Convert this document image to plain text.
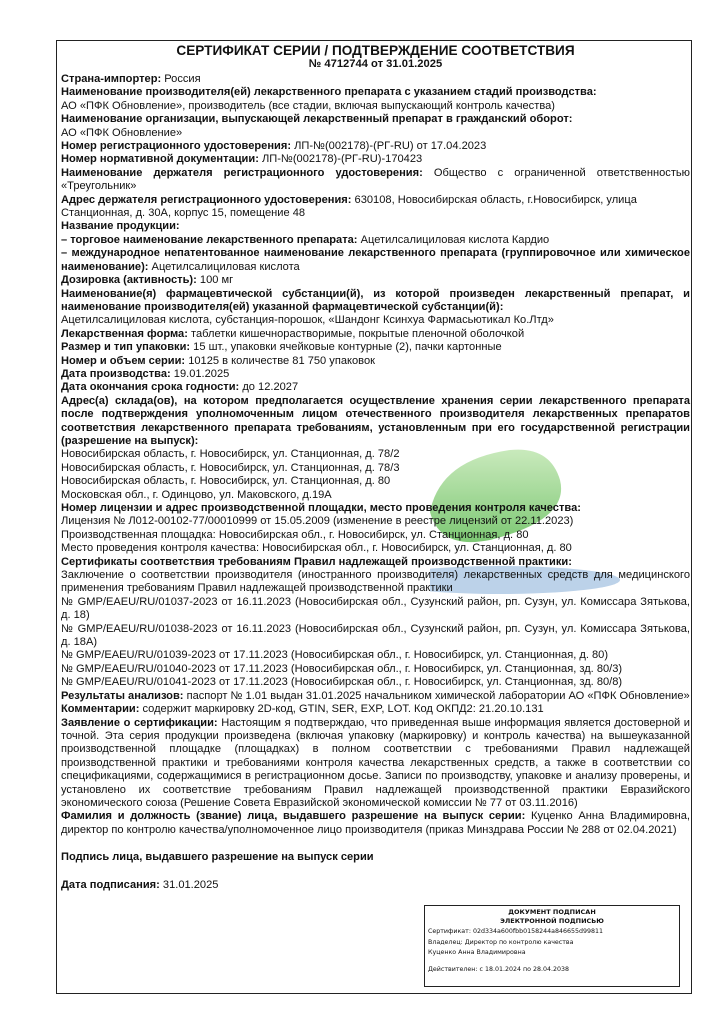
СЕРТИФИКАТ СЕРИИ / ПОДТВЕРЖДЕНИЕ СООТВЕТСТВИЯ

№ 4712744 от 31.01.2025

Страна-импортер: Россия

Наименование производителя(ей) лекарственного препарата с указанием стадий производства:

АО «ПФК Обновление», производитель (все стадии, включая выпускающий контроль качества)

Наименование организации, выпускающей лекарственный препарат в гражданский оборот:

АО «ПФК Обновление»

Номер регистрационного удостоверения: ЛП-№(002178)-(РГ-RU) от 17.04.2023

Номер нормативной документации: ЛП-№(002178)-(РГ-RU)-170423

Наименование держателя регистрационного удостоверения: Общество с ограниченной ответственностью «Треугольник»

Адрес держателя регистрационного удостоверения: 630108, Новосибирская область, г.Новосибирск, улица Станционная, д. 30А, корпус 15, помещение 48

Название продукции:

– торговое наименование лекарственного препарата: Ацетилсалициловая кислота Кардио

– международное непатентованное наименование лекарственного препарата (группировочное или химическое наименование): Ацетилсалициловая кислота

Дозировка (активность): 100 мг

Наименование(я) фармацевтической субстанции(й), из которой произведен лекарственный препарат, и наименование производителя(ей) указанной фармацевтической субстанции(й):

Ацетилсалициловая кислота, субстанция-порошок, «Шандонг Ксинхуа Фармасьютикал Ко.Лтд»

Лекарственная форма: таблетки кишечнорастворимые, покрытые пленочной оболочкой

Размер и тип упаковки: 15 шт., упаковки ячейковые контурные (2), пачки картонные

Номер и объем серии: 10125 в количестве 81 750 упаковок

Дата производства: 19.01.2025

Дата окончания срока годности: до 12.2027

Адрес(а) склада(ов), на котором предполагается осуществление хранения серии лекарственного препарата после подтверждения уполномоченным лицом отечественного производителя лекарственных препаратов соответствия лекарственного препарата требованиям, установленным при его государственной регистрации (разрешение на выпуск):

Новосибирская область, г. Новосибирск, ул. Станционная, д. 78/2

Новосибирская область, г. Новосибирск, ул. Станционная, д. 78/3

Новосибирская область, г. Новосибирск, ул. Станционная, д. 80

Московская обл., г. Одинцово, ул. Маковского, д.19А

Номер лицензии и адрес производственной площадки, место проведения контроля качества:

Лицензия № Л012-00102-77/00010999 от 15.05.2009 (изменение в реестре лицензий от 22.11.2023)

Производственная площадка: Новосибирская обл., г. Новосибирск, ул. Станционная, д. 80

Место проведения контроля качества: Новосибирская обл., г. Новосибирск, ул. Станционная, д. 80

Сертификаты соответствия требованиям Правил надлежащей производственной практики:

Заключение о соответствии производителя (иностранного производителя) лекарственных средств для медицинского применения требованиям Правил надлежащей производственной практики

№ GMP/EAEU/RU/01037-2023 от 16.11.2023 (Новосибирская обл., Сузунский район, рп. Сузун, ул. Комиссара Зятькова, д. 18)

№ GMP/EAEU/RU/01038-2023 от 16.11.2023 (Новосибирская обл., Сузунский район, рп. Сузун, ул. Комиссара Зятькова, д. 18А)

№ GMP/EAEU/RU/01039-2023 от 17.11.2023 (Новосибирская обл., г. Новосибирск, ул. Станционная, д. 80)

№ GMP/EAEU/RU/01040-2023 от 17.11.2023 (Новосибирская обл., г. Новосибирск, ул. Станционная, зд. 80/3)

№ GMP/EAEU/RU/01041-2023 от 17.11.2023 (Новосибирская обл., г. Новосибирск, ул. Станционная, зд. 80/8)

Результаты анализов: паспорт № 1.01 выдан 31.01.2025 начальником химической лаборатории АО «ПФК Обновление»

Комментарии: содержит маркировку 2D-код, GTIN, SER, EXP, LOT. Код ОКПД2: 21.20.10.131

Заявление о сертификации: Настоящим я подтверждаю, что приведенная выше информация является достоверной и точной. Эта серия продукции произведена (включая упаковку (маркировку) и контроль качества) на вышеуказанной производственной площадке (площадках) в полном соответствии с требованиями Правил надлежащей производственной практики и требованиями контроля качества лекарственных средств, а также в соответствии со спецификациями, содержащимися в регистрационном досье. Записи по производству, упаковке и анализу проверены, и установлено их соответствие требованиям Правил надлежащей производственной практики Евразийского экономического союза (Решение Совета Евразийской экономической комиссии № 77 от 03.11.2016)

Фамилия и должность (звание) лица, выдавшего разрешение на выпуск серии: Куценко Анна Владимировна, директор по контролю качества/уполномоченное лицо производителя (приказ Минздрава России № 288 от 02.04.2021)

Подпись лица, выдавшего разрешение на выпуск серии

Дата подписания: 31.01.2025

ДОКУМЕНТ ПОДПИСАН
ЭЛЕКТРОННОЙ ПОДПИСЬЮ
Сертификат: 02d334a600fbb0158244a846655d99811
Владелец: Директор по контролю качества
Куценко Анна Владимировна
Действителен: с 18.01.2024 по 28.04.2038
